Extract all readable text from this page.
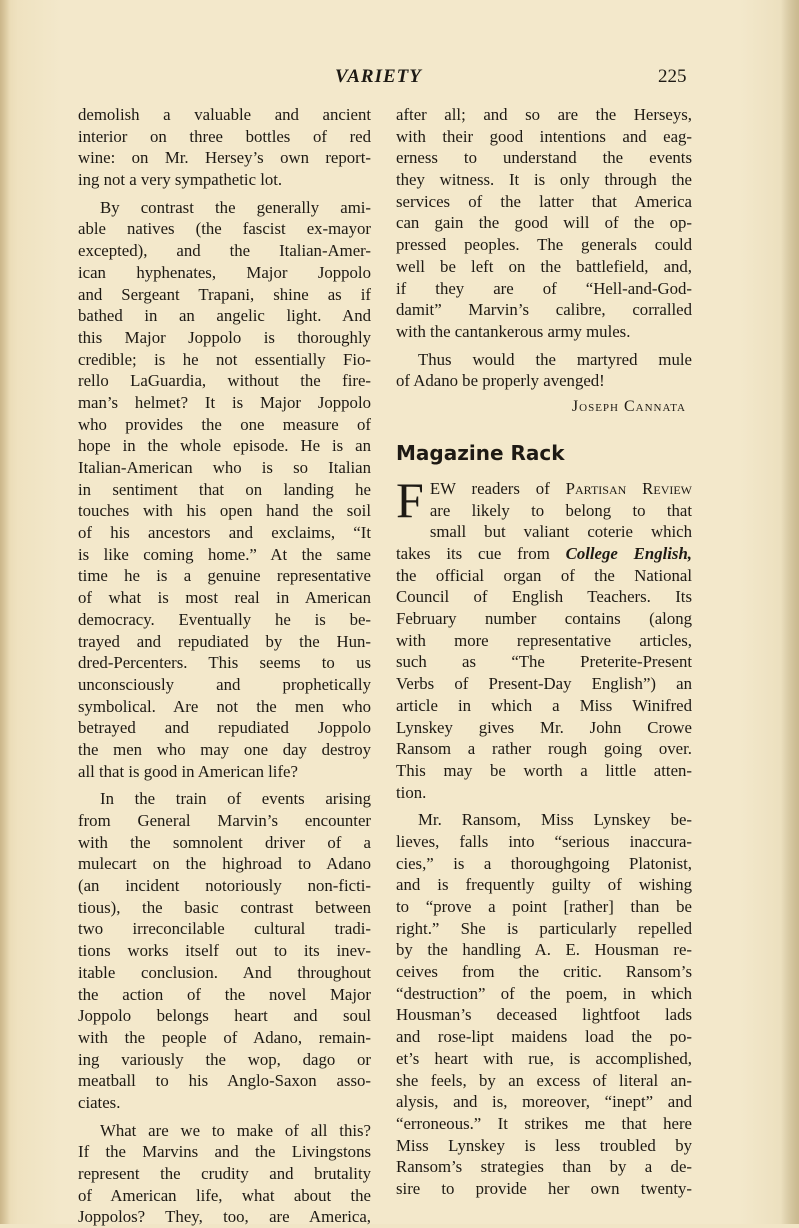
VARIETY	225
demolish a valuable and ancient
interior on three bottles of red
wine: on Mr. Hersey’s own report-
ing not a very sympathetic lot.
By contrast the generally ami-
able natives (the fascist ex-mayor
excepted), and the Italian-Amer-
ican hyphenates, Major Joppolo
and Sergeant Trapani, shine as if
bathed in an angelic light. And
this Major Joppolo is thoroughly
credible; is he not essentially Fio-
rello LaGuardia, without the fire-
man’s helmet? It is Major Joppolo
who provides the one measure of
hope in the whole episode. He is an
Italian-American who is so Italian
in sentiment that on landing he
touches with his open hand the soil
of his ancestors and exclaims, “It
is like coming home.” At the same
time he is a genuine representative
of what is most real in American
democracy. Eventually he is be-
trayed and repudiated by the Hun-
dred-Percenters. This seems to us
unconsciously and prophetically
symbolical. Are not the men who
betrayed and repudiated Joppolo
the men who may one day destroy
all that is good in American life?
In the train of events arising
from General Marvin’s encounter
with the somnolent driver of a
mulecart on the highroad to Adano
(an incident notoriously non-ficti-
tious), the basic contrast between
two irreconcilable cultural tradi-
tions works itself out to its inev-
itable conclusion. And throughout
the action of the novel Major
Joppolo belongs heart and soul
with the people of Adano, remain-
ing variously the wop, dago or
meatball to his Anglo-Saxon asso-
ciates.
What are we to make of all this?
If the Marvins and the Livingstons
represent the crudity and brutality
of American life, what about the
Joppolos? They, too, are America,
after all; and so are the Herseys,
with their good intentions and eag-
erness to understand the events
they witness. It is only through the
services of the latter that America
can gain the good will of the op-
pressed peoples. The generals could
well be left on the battlefield, and,
if they are of “Hell-and-God-
damit” Marvin’s calibre, corralled
with the cantankerous army mules.
Thus would the martyred mule
of Adano be properly avenged!
Joseph Cannata
Magazine Rack
F EW readers of Partisan Review
are likely to belong to that
small but valiant coterie which
takes its cue from College English,
the official organ of the National
Council of English Teachers. Its
February number contains (along
with more representative articles,
such as “The Preterite-Present
Verbs of Present-Day English”) an
article in which a Miss Winifred
Lynskey gives Mr. John Crowe
Ransom a rather rough going over.
This may be worth a little atten-
tion.
Mr. Ransom, Miss Lynskey be-
lieves, falls into “serious inaccura-
cies,” is a thoroughgoing Platonist,
and is frequently guilty of wishing
to “prove a point [rather] than be
right.” She is particularly repelled
by the handling A. E. Housman re-
ceives from the critic. Ransom’s
“destruction” of the poem, in which
Housman’s deceased lightfoot lads
and rose-lipt maidens load the po-
et’s heart with rue, is accomplished,
she feels, by an excess of literal an-
alysis, and is, moreover, “inept” and
“erroneous.” It strikes me that here
Miss Lynskey is less troubled by
Ransom’s strategies than by a de-
sire to provide her own twenty-
